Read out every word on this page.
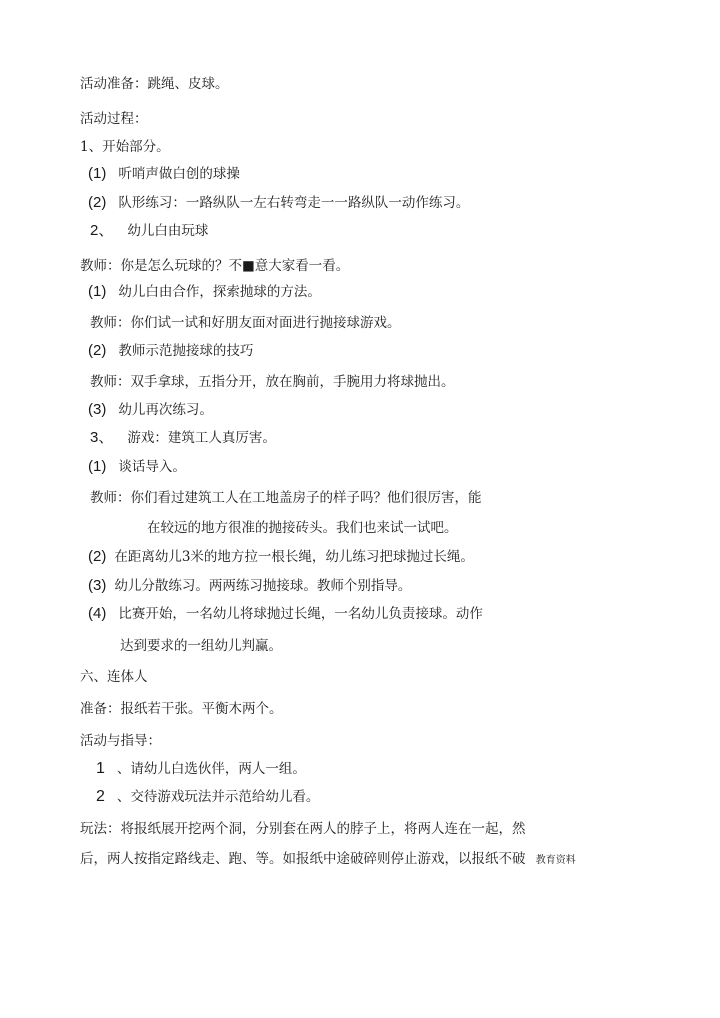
活动准备：跳绳、皮球。
活动过程：
1、开始部分。
(1) 听哨声做白创的球操
(2) 队形练习：一路纵队一左右转弯走一一路纵队一动作练习。
2、 幼儿白由玩球
教师：你是怎么玩球的？不■意大家看一看。
(1) 幼儿白由合作，探索抛球的方法。
教师：你们试一试和好朋友面对面进行抛接球游戏。
(2) 教师示范抛接球的技巧
教师：双手拿球，五指分开，放在胸前，手腕用力将球抛出。
(3) 幼儿再次练习。
3、 游戏：建筑工人真厉害。
(1) 谈话导入。
教师：你们看过建筑工人在工地盖房子的样子吗？他们很厉害，能
在较远的地方很准的抛接砖头。我们也来试一试吧。
(2) 在距离幼儿3米的地方拉一根长绳，幼儿练习把球抛过长绳。
(3) 幼儿分散练习。两两练习抛接球。教师个别指导。
(4) 比赛开始，一名幼儿将球抛过长绳，一名幼儿负责接球。动作
达到要求的一组幼儿判赢。
六、连体人
准备：报纸若干张。平衡木两个。
活动与指导：
1 、请幼儿白选伙伴，两人一组。
2 、交待游戏玩法并示范给幼儿看。
玩法：将报纸展开挖两个洞，分别套在两人的脖子上，将两人连在一起，然
后，两人按指定路线走、跑、等。如报纸中途破碎则停止游戏，以报纸不破 教育资料
